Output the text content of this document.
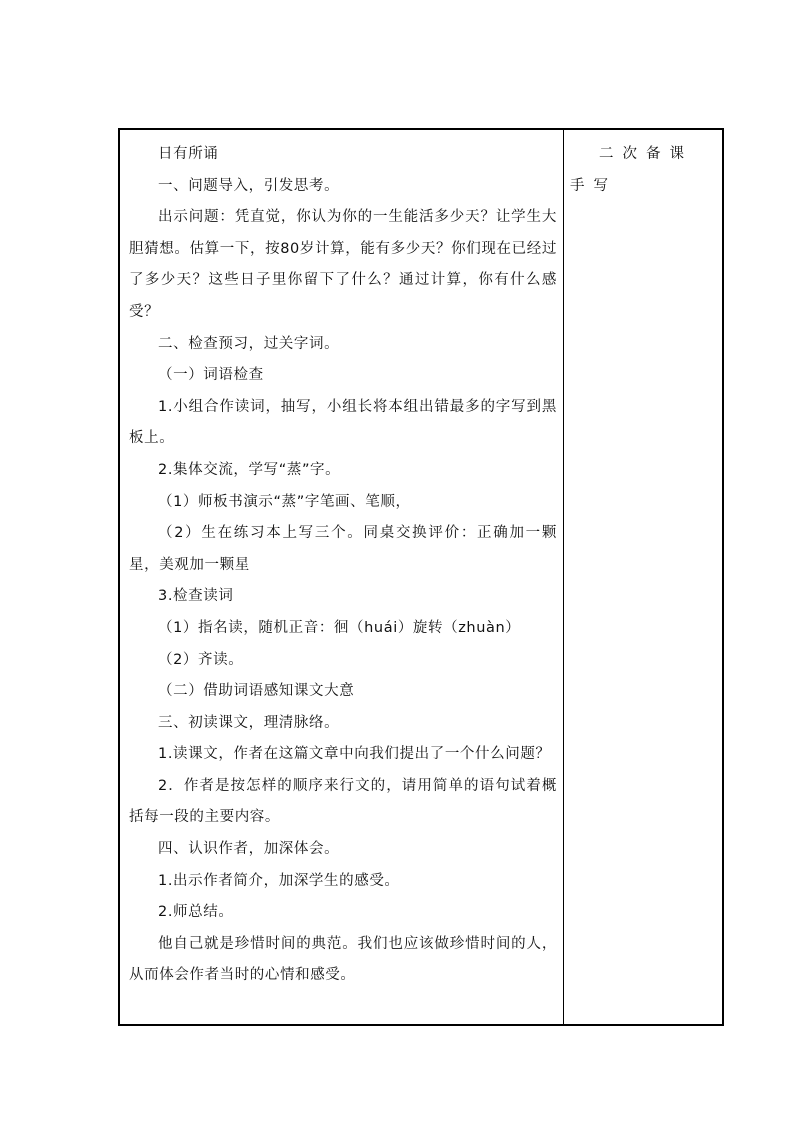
日有所诵

一、问题导入，引发思考。

出示问题：凭直觉，你认为你的一生能活多少天？让学生大胆猜想。估算一下，按80岁计算，能有多少天？你们现在已经过了多少天？这些日子里你留下了什么？通过计算，你有什么感受？

二、检查预习，过关字词。

（一）词语检查

1.小组合作读词，抽写，小组长将本组出错最多的字写到黑板上。

2.集体交流，学写“蒸”字。

（1）师板书演示“蒸”字笔画、笔顺，

（2）生在练习本上写三个。同桌交换评价：正确加一颗星，美观加一颗星

3.检查读词

（1）指名读，随机正音：徊（huái）旋转（zhuàn）

（2）齐读。

（二）借助词语感知课文大意

三、初读课文，理清脉络。

1.读课文，作者在这篇文章中向我们提出了一个什么问题？

2．作者是按怎样的顺序来行文的，请用简单的语句试着概括每一段的主要内容。

四、认识作者，加深体会。

1.出示作者简介，加深学生的感受。

2.师总结。

他自己就是珍惜时间的典范。我们也应该做珍惜时间的人，从而体会作者当时的心情和感受。

二次备课手写
